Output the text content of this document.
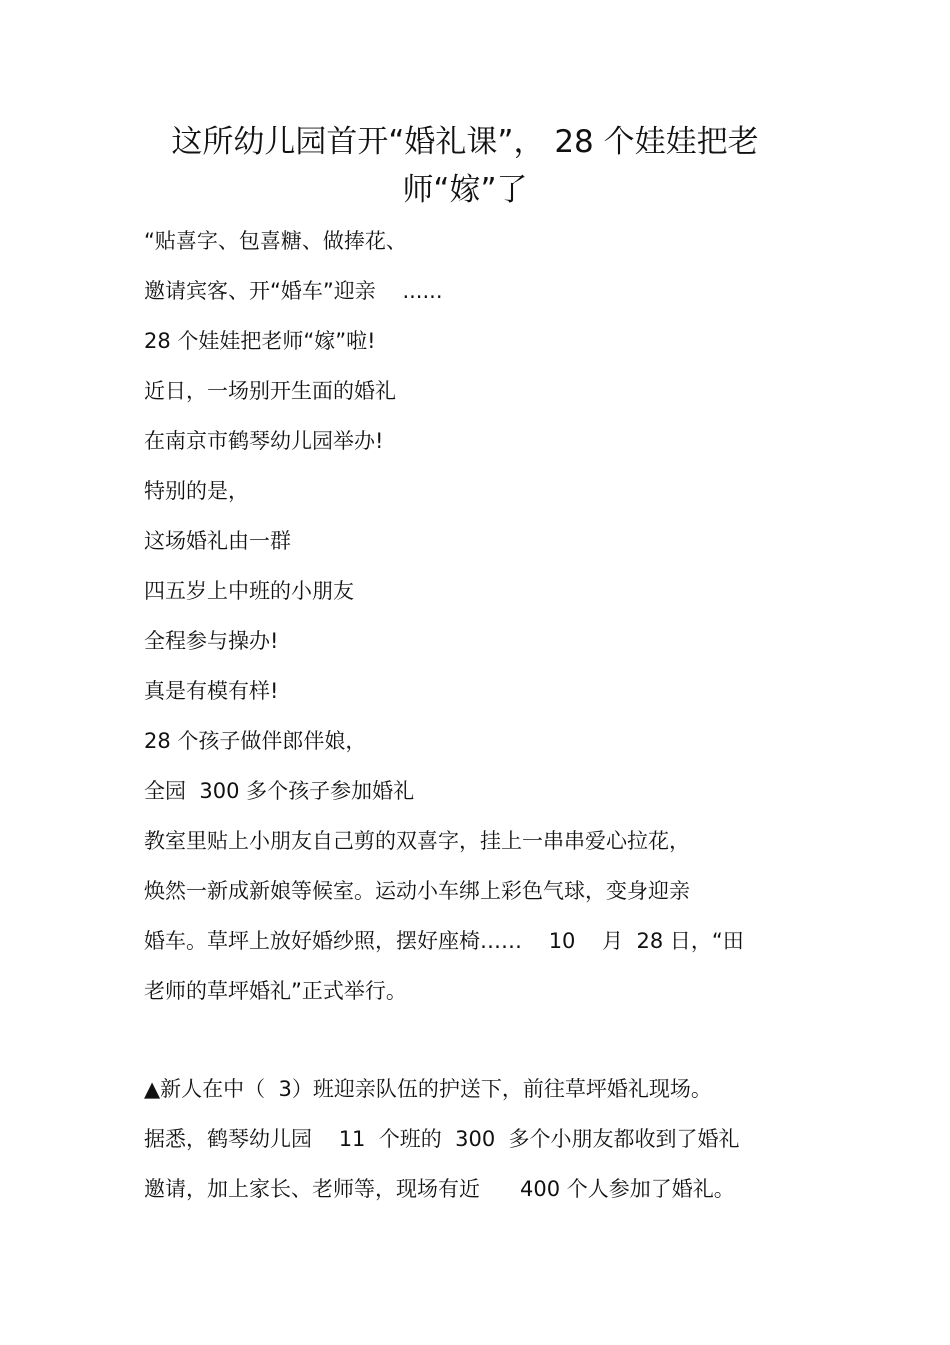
这所幼儿园首开“婚礼课”， 28 个娃娃把老
师“嫁”了

“贴喜字、包喜糖、做捧花、

邀请宾客、开“婚车”迎亲    ......

28 个娃娃把老师“嫁”啦!

近日，一场别开生面的婚礼

在南京市鹤琴幼儿园举办!

特别的是，

这场婚礼由一群

四五岁上中班的小朋友

全程参与操办!

真是有模有样!

28 个孩子做伴郎伴娘，

全园  300 多个孩子参加婚礼

教室里贴上小朋友自己剪的双喜字，挂上一串串爱心拉花，

焕然一新成新娘等候室。运动小车绑上彩色气球，变身迎亲

婚车。草坪上放好婚纱照，摆好座椅……    10    月  28 日，“田

老师的草坪婚礼”正式举行。

▲新人在中（  3）班迎亲队伍的护送下，前往草坪婚礼现场。

据悉，鹤琴幼儿园    11  个班的  300  多个小朋友都收到了婚礼

邀请，加上家长、老师等，现场有近      400 个人参加了婚礼。
